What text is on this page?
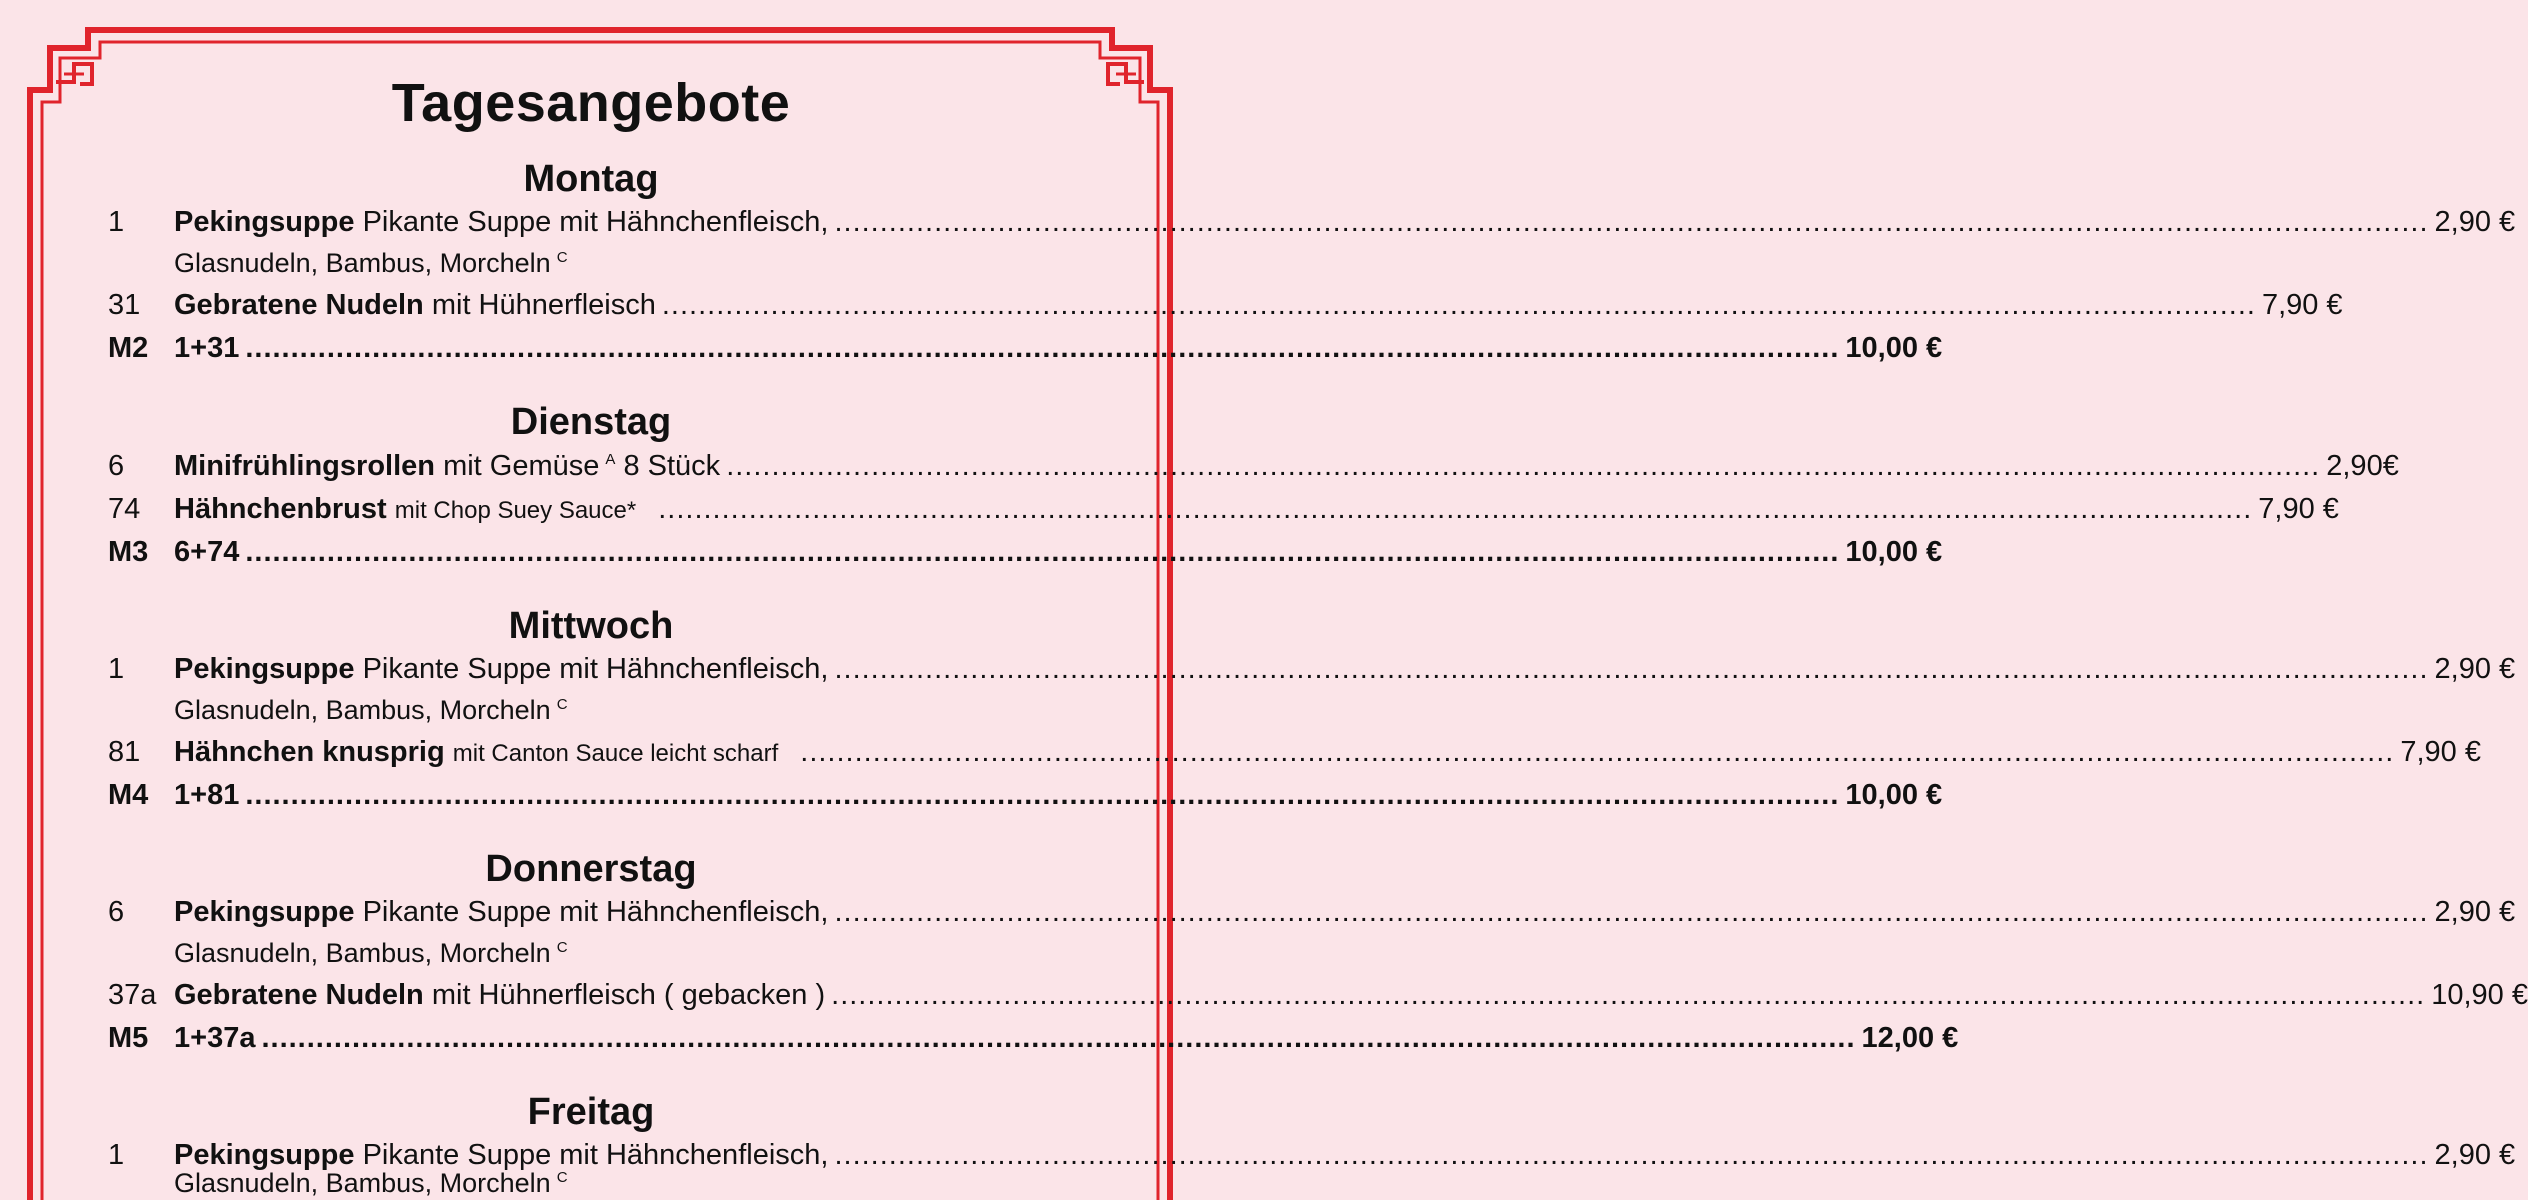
Tagesangebote
Montag
1	Pekingsuppe Pikante Suppe mit Hähnchenfleisch, .....	2,90 €
Glasnudeln, Bambus, Morcheln $^C$
31	Gebratene Nudeln mit Hühnerfleisch .....	7,90 €
M2 1+31 .....	10,00 €
Dienstag
6	Minifrühlingsrollen mit Gemüse $^A$ 8 Stück .....	2,90€
74	Hähnchenbrust mit Chop Suey Sauce* .....	7,90 €
M3 6+74 .....	10,00 €
Mittwoch
1	Pekingsuppe Pikante Suppe mit Hähnchenfleisch, .....	2,90 €
Glasnudeln, Bambus, Morcheln $^C$
81	Hähnchen knusprig mit Canton Sauce leicht scharf .....	7,90 €
M4 1+81 .....	10,00 €
Donnerstag
6	Pekingsuppe Pikante Suppe mit Hähnchenfleisch, .....	2,90 €
Glasnudeln, Bambus, Morcheln $^C$
37a Gebratene Nudeln mit Hühnerfleisch ( gebacken ) .....	10,90 €
M5 1+37a .....	12,00 €
Freitag
1	Pekingsuppe Pikante Suppe mit Hähnchenfleisch, .....	2,90 €
Glasnudeln, Bambus, Morcheln $^C$
